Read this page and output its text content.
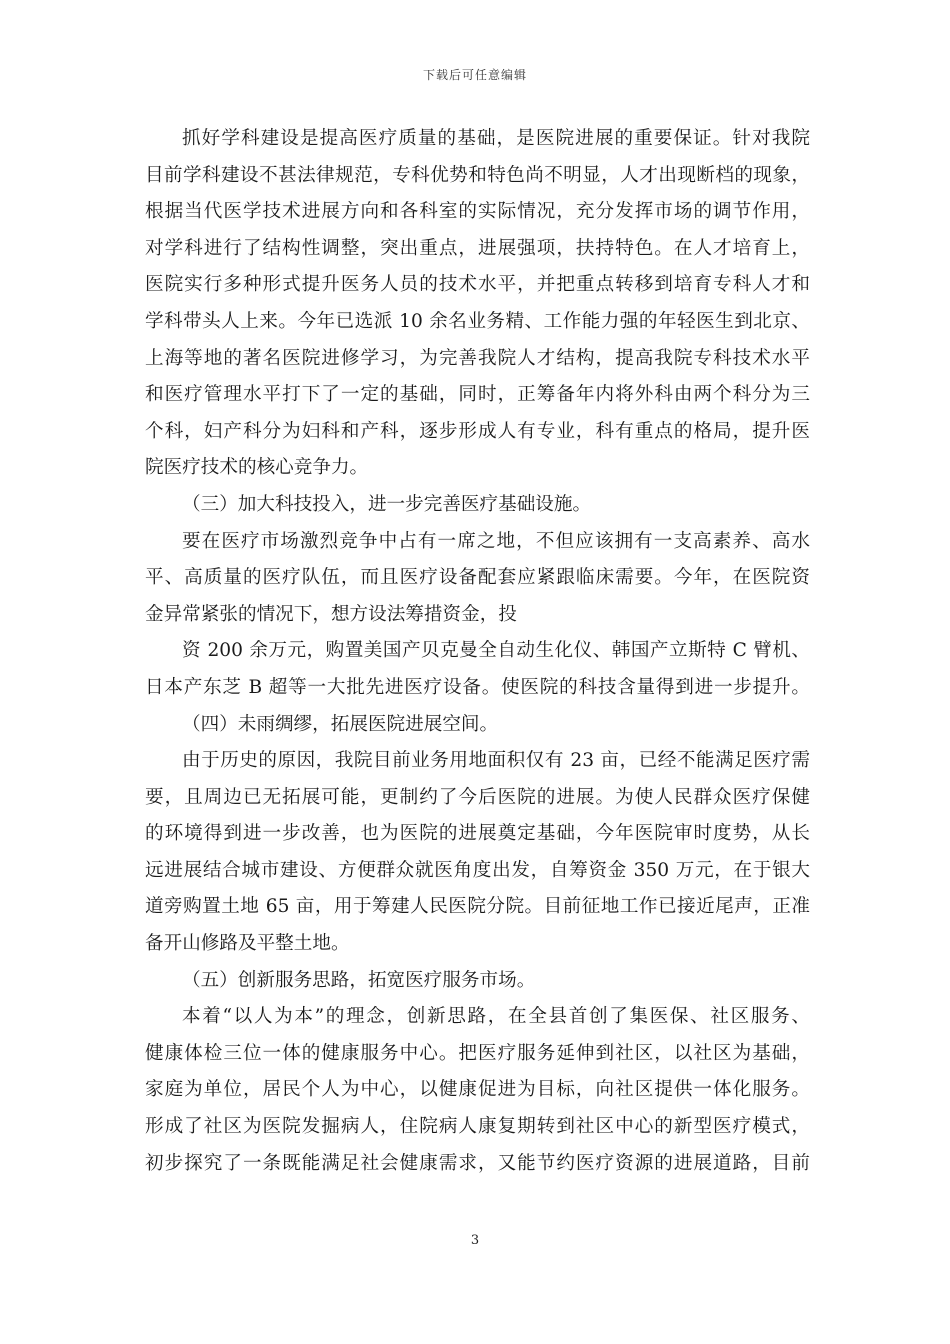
下载后可任意编辑
抓好学科建设是提高医疗质量的基础，是医院进展的重要保证。针对我院
目前学科建设不甚法律规范，专科优势和特色尚不明显，人才出现断档的现象，
根据当代医学技术进展方向和各科室的实际情况，充分发挥市场的调节作用，
对学科进行了结构性调整，突出重点，进展强项，扶持特色。在人才培育上，
医院实行多种形式提升医务人员的技术水平，并把重点转移到培育专科人才和
学科带头人上来。今年已选派 10 余名业务精、工作能力强的年轻医生到北京、
上海等地的著名医院进修学习，为完善我院人才结构，提高我院专科技术水平
和医疗管理水平打下了一定的基础，同时，正筹备年内将外科由两个科分为三
个科，妇产科分为妇科和产科，逐步形成人有专业，科有重点的格局，提升医
院医疗技术的核心竞争力。
（三）加大科技投入，进一步完善医疗基础设施。
要在医疗市场激烈竞争中占有一席之地，不但应该拥有一支高素养、高水
平、高质量的医疗队伍，而且医疗设备配套应紧跟临床需要。今年，在医院资
金异常紧张的情况下，想方设法筹措资金，投
资 200 余万元，购置美国产贝克曼全自动生化仪、韩国产立斯特 C 臂机、
日本产东芝 B 超等一大批先进医疗设备。使医院的科技含量得到进一步提升。
（四）未雨绸缪，拓展医院进展空间。
由于历史的原因，我院目前业务用地面积仅有 23 亩，已经不能满足医疗需
要，且周边已无拓展可能，更制约了今后医院的进展。为使人民群众医疗保健
的环境得到进一步改善，也为医院的进展奠定基础，今年医院审时度势，从长
远进展结合城市建设、方便群众就医角度出发，自筹资金 350 万元，在于银大
道旁购置土地 65 亩，用于筹建人民医院分院。目前征地工作已接近尾声，正准
备开山修路及平整土地。
（五）创新服务思路，拓宽医疗服务市场。
本着“以人为本”的理念，创新思路，在全县首创了集医保、社区服务、
健康体检三位一体的健康服务中心。把医疗服务延伸到社区，以社区为基础，
家庭为单位，居民个人为中心，以健康促进为目标，向社区提供一体化服务。
形成了社区为医院发掘病人，住院病人康复期转到社区中心的新型医疗模式，
初步探究了一条既能满足社会健康需求，又能节约医疗资源的进展道路，目前
3
